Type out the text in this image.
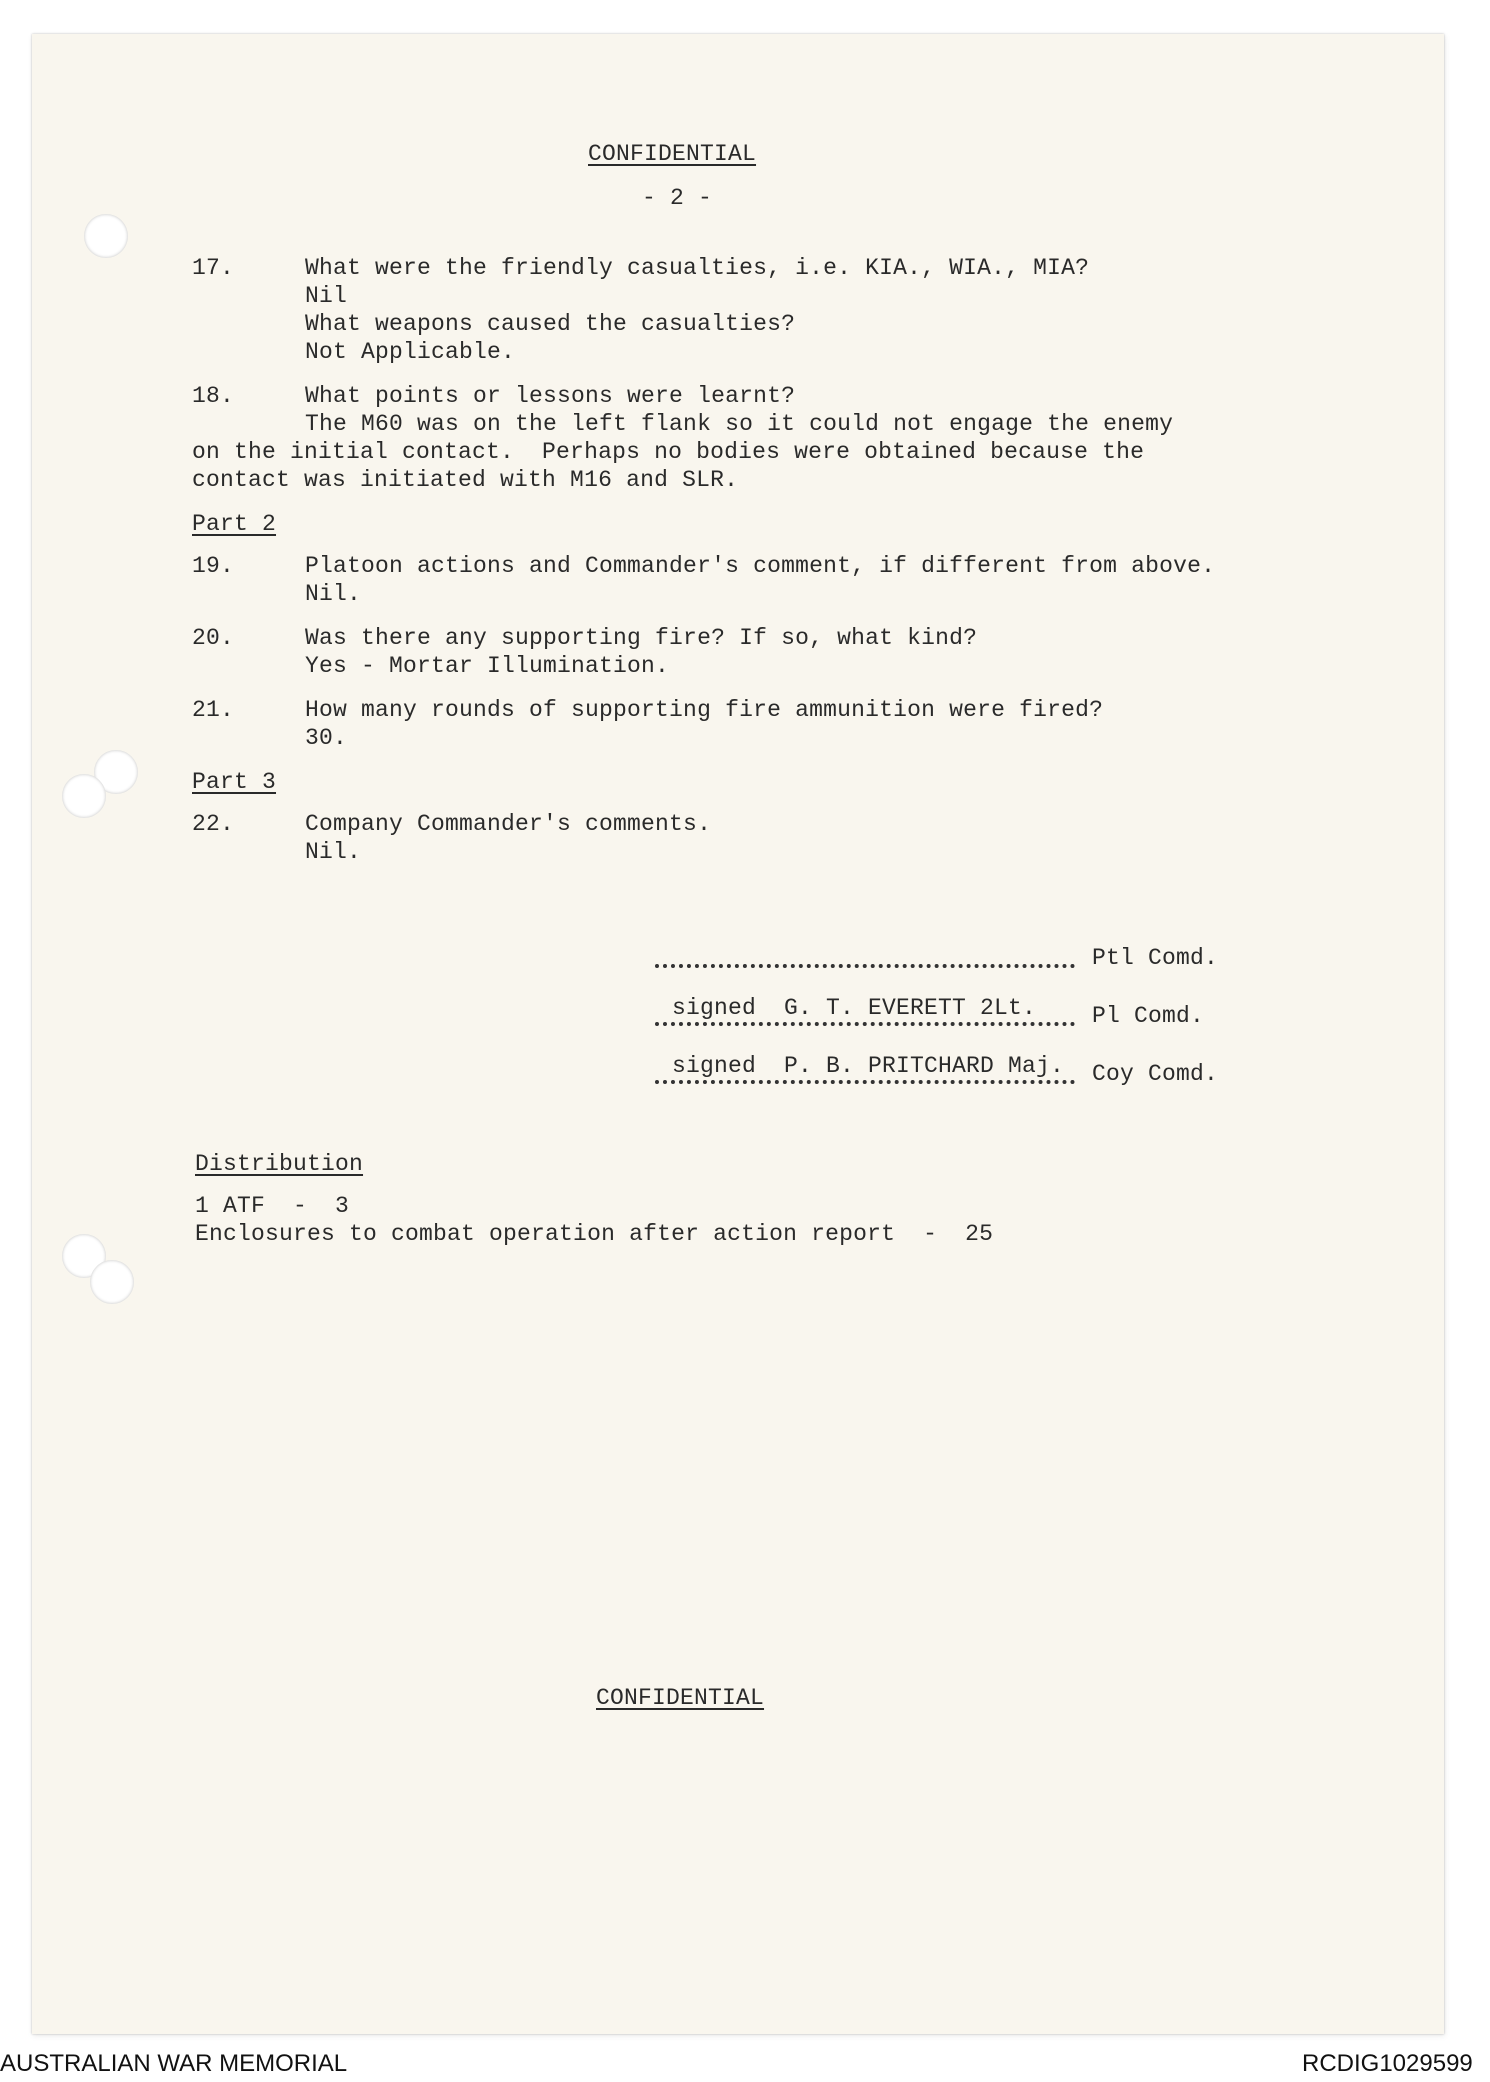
CONFIDENTIAL
- 2 -
17.	What were the friendly casualties, i.e. KIA., WIA., MIA?
Nil
What weapons caused the casualties?
Not Applicable.
18.	What points or lessons were learnt?
The M60 was on the left flank so it could not engage the enemy
on the initial contact.  Perhaps no bodies were obtained because the
contact was initiated with M16 and SLR.
Part 2
19.	Platoon actions and Commander's comment, if different from above.
Nil.
20.	Was there any supporting fire? If so, what kind?
Yes - Mortar Illumination.
21.	How many rounds of supporting fire ammunition were fired?
30.
Part 3
22.	Company Commander's comments.
Nil.
Ptl Comd.
signed  G. T. EVERETT 2Lt. Pl Comd.
signed  P. B. PRITCHARD Maj. Coy Comd.
Distribution
1 ATF  -  3
Enclosures to combat operation after action report  -  25
CONFIDENTIAL
AUSTRALIAN WAR MEMORIAL	RCDIG1029599
